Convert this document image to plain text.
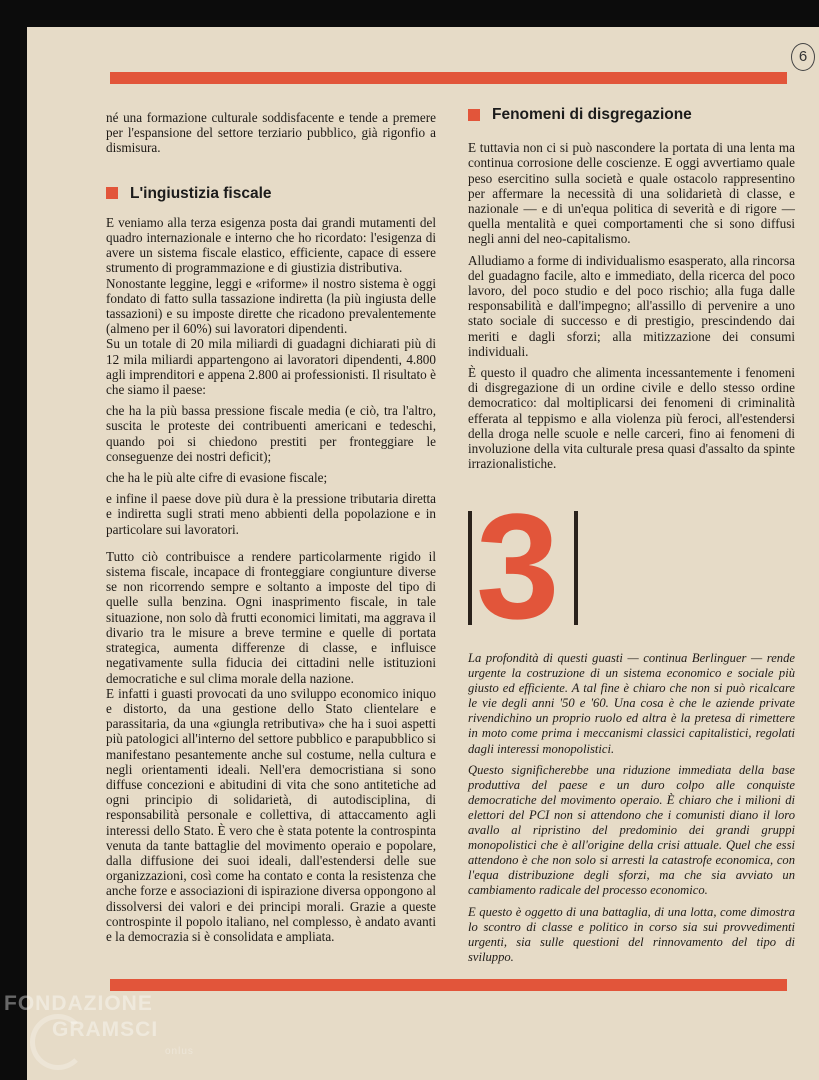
6

né una formazione culturale soddisfacente e tende a premere per l'espansione del settore terziario pubblico, già rigonfio a dismisura.

L'ingiustizia fiscale

E veniamo alla terza esigenza posta dai grandi mutamenti del quadro internazionale e interno che ho ricordato: l'esigenza di avere un sistema fiscale elastico, efficiente, capace di essere strumento di programmazione e di giustizia distributiva.

Nonostante leggine, leggi e «riforme» il nostro sistema è oggi fondato di fatto sulla tassazione indiretta (la più ingiusta delle tassazioni) e su imposte dirette che ricadono prevalentemente (almeno per il 60%) sui lavoratori dipendenti.

Su un totale di 20 mila miliardi di guadagni dichiarati più di 12 mila miliardi appartengono ai lavoratori dipendenti, 4.800 agli imprenditori e appena 2.800 ai professionisti. Il risultato è che siamo il paese:

che ha la più bassa pressione fiscale media (e ciò, tra l'altro, suscita le proteste dei contribuenti americani e tedeschi, quando poi si chiedono prestiti per fronteggiare le conseguenze dei nostri deficit);

che ha le più alte cifre di evasione fiscale;

e infine il paese dove più dura è la pressione tributaria diretta e indiretta sugli strati meno abbienti della popolazione e in particolare sui lavoratori.

Tutto ciò contribuisce a rendere particolarmente rigido il sistema fiscale, incapace di fronteggiare congiunture diverse se non ricorrendo sempre e soltanto a imposte del tipo di quelle sulla benzina. Ogni inasprimento fiscale, in tale situazione, non solo dà frutti economici limitati, ma aggrava il divario tra le misure a breve termine e quelle di portata strategica, aumenta differenze di classe, e influisce negativamente sulla fiducia dei cittadini nelle istituzioni democratiche e sul clima morale della nazione.

E infatti i guasti provocati da uno sviluppo economico iniquo e distorto, da una gestione dello Stato clientelare e parassitaria, da una «giungla retributiva» che ha i suoi aspetti più patologici all'interno del settore pubblico e parapubblico si manifestano pesantemente anche sul costume, nella cultura e negli orientamenti ideali. Nell'era democristiana si sono diffuse concezioni e abitudini di vita che sono antitetiche ad ogni principio di solidarietà, di autodisciplina, di responsabilità personale e collettiva, di attaccamento agli interessi dello Stato. È vero che è stata potente la controspinta venuta da tante battaglie del movimento operaio e popolare, dalla diffusione dei suoi ideali, dall'estendersi delle sue organizzazioni, così come ha contato e conta la resistenza che anche forze e associazioni di ispirazione diversa oppongono al dissolversi dei valori e dei principi morali. Grazie a queste controspinte il popolo italiano, nel complesso, è andato avanti e la democrazia si è consolidata e ampliata.

Fenomeni di disgregazione

E tuttavia non ci si può nascondere la portata di una lenta ma continua corrosione delle coscienze. E oggi avvertiamo quale peso esercitino sulla società e quale ostacolo rappresentino per affermare la necessità di una solidarietà di classe, e nazionale — e di un'equa politica di severità e di rigore — quella mentalità e quei comportamenti che si sono diffusi negli anni del neo-capitalismo.

Alludiamo a forme di individualismo esasperato, alla rincorsa del guadagno facile, alto e immediato, della ricerca del poco lavoro, del poco studio e del poco rischio; alla fuga dalle responsabilità e dall'impegno; all'assillo di pervenire a uno stato sociale di successo e di prestigio, prescindendo dai meriti e dagli sforzi; alla mitizzazione dei consumi individuali.

È questo il quadro che alimenta incessantemente i fenomeni di disgregazione di un ordine civile e dello stesso ordine democratico: dal moltiplicarsi dei fenomeni di criminalità efferata al teppismo e alla violenza più feroci, all'estendersi della droga nelle scuole e nelle carceri, fino ai fenomeni di involuzione della vita culturale presa quasi d'assalto da spinte irrazionalistiche.

3

La profondità di questi guasti — continua Berlinguer — rende urgente la costruzione di un sistema economico e sociale più giusto ed efficiente. A tal fine è chiaro che non si può ricalcare le vie degli anni '50 e '60. Una cosa è che le aziende private rivendichino un proprio ruolo ed altra è la pretesa di rimettere in moto come prima i meccanismi classici capitalistici, regolati dagli interessi monopolistici.

Questo significherebbe una riduzione immediata della base produttiva del paese e un duro colpo alle conquiste democratiche del movimento operaio. È chiaro che i milioni di elettori del PCI non si attendono che i comunisti diano il loro avallo al ripristino del predominio dei grandi gruppi monopolistici che è all'origine della crisi attuale. Quel che essi attendono è che non solo si arresti la catastrofe economica, con l'equa distribuzione degli sforzi, ma che sia avviato un cambiamento radicale del processo economico.

E questo è oggetto di una battaglia, di una lotta, come dimostra lo scontro di classe e politico in corso sia sui provvedimenti urgenti, sia sulle questioni del rinnovamento del tipo di sviluppo.

FONDAZIONE
GRAMSCI
onlus
